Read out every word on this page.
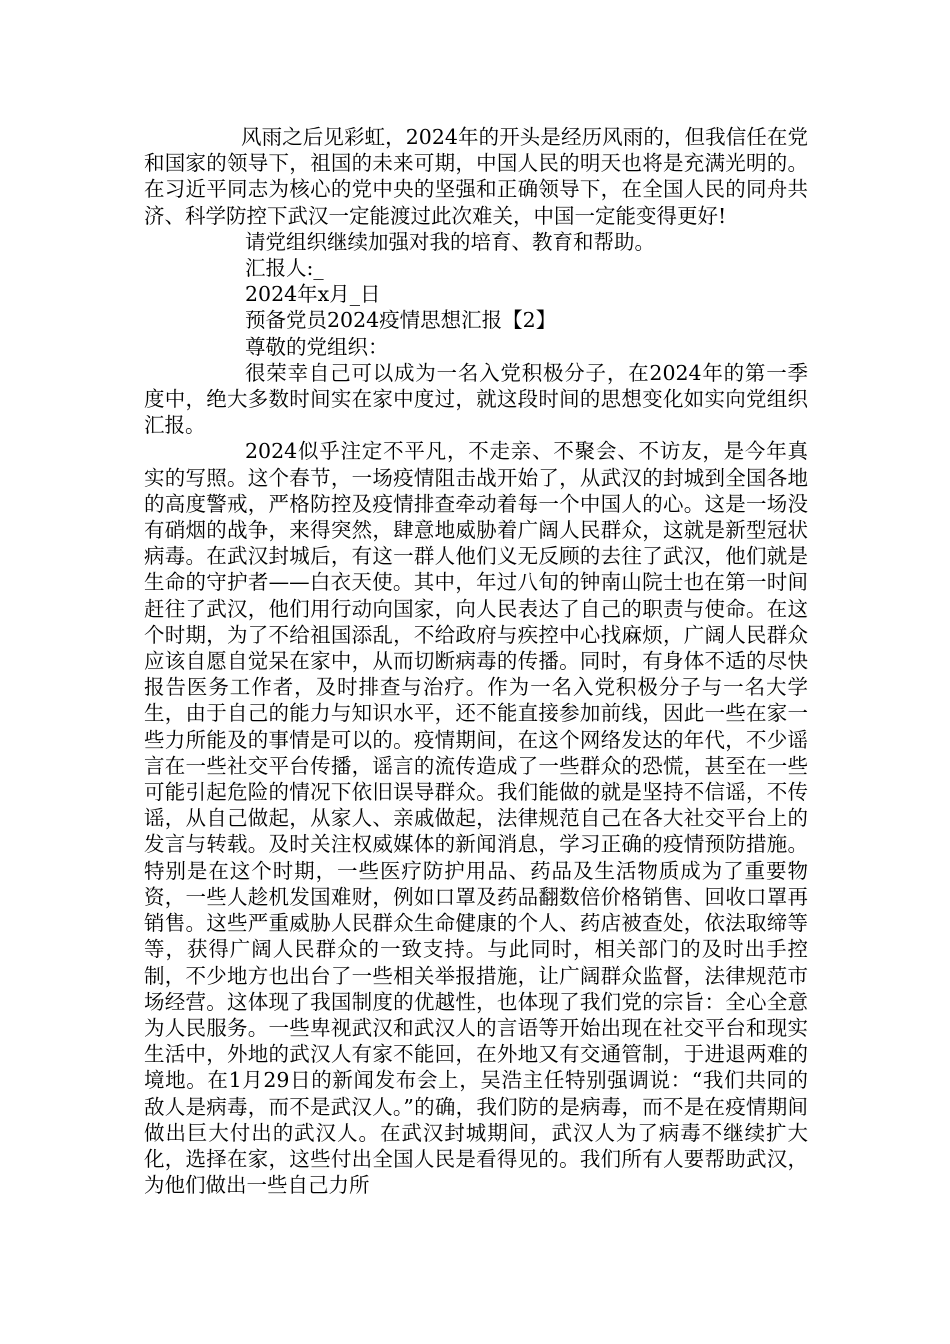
风雨之后见彩虹，2024年的开头是经历风雨的，但我信任在党和国家的领导下，祖国的未来可期，中国人民的明天也将是充满光明的。在习近平同志为核心的党中央的坚强和正确领导下，在全国人民的同舟共济、科学防控下武汉一定能渡过此次难关，中国一定能变得更好!

请党组织继续加强对我的培育、教育和帮助。

汇报人:_

2024年x月_日

预备党员2024疫情思想汇报【2】

尊敬的党组织：

很荣幸自己可以成为一名入党积极分子，在2024年的第一季度中，绝大多数时间实在家中度过，就这段时间的思想变化如实向党组织汇报。

2024似乎注定不平凡，不走亲、不聚会、不访友，是今年真实的写照。这个春节，一场疫情阻击战开始了，从武汉的封城到全国各地的高度警戒，严格防控及疫情排查牵动着每一个中国人的心。这是一场没有硝烟的战争，来得突然，肆意地威胁着广阔人民群众，这就是新型冠状病毒。在武汉封城后，有这一群人他们义无反顾的去往了武汉，他们就是生命的守护者——白衣天使。其中，年过八旬的钟南山院士也在第一时间赶往了武汉，他们用行动向国家，向人民表达了自己的职责与使命。在这个时期，为了不给祖国添乱，不给政府与疾控中心找麻烦，广阔人民群众应该自愿自觉呆在家中，从而切断病毒的传播。同时，有身体不适的尽快报告医务工作者，及时排查与治疗。作为一名入党积极分子与一名大学生，由于自己的能力与知识水平，还不能直接参加前线，因此一些在家一些力所能及的事情是可以的。疫情期间，在这个网络发达的年代，不少谣言在一些社交平台传播，谣言的流传造成了一些群众的恐慌，甚至在一些可能引起危险的情况下依旧误导群众。我们能做的就是坚持不信谣，不传谣，从自己做起，从家人、亲戚做起，法律规范自己在各大社交平台上的发言与转载。及时关注权威媒体的新闻消息，学习正确的疫情预防措施。特别是在这个时期，一些医疗防护用品、药品及生活物质成为了重要物资，一些人趁机发国难财，例如口罩及药品翻数倍价格销售、回收口罩再销售。这些严重威胁人民群众生命健康的个人、药店被查处，依法取缔等等，获得广阔人民群众的一致支持。与此同时，相关部门的及时出手控制，不少地方也出台了一些相关举报措施，让广阔群众监督，法律规范市场经营。这体现了我国制度的优越性，也体现了我们党的宗旨：全心全意为人民服务。一些卑视武汉和武汉人的言语等开始出现在社交平台和现实生活中，外地的武汉人有家不能回，在外地又有交通管制，于进退两难的境地。在1月29日的新闻发布会上，吴浩主任特别强调说：“我们共同的敌人是病毒，而不是武汉人。”的确，我们防的是病毒，而不是在疫情期间做出巨大付出的武汉人。在武汉封城期间，武汉人为了病毒不继续扩大化，选择在家，这些付出全国人民是看得见的。我们所有人要帮助武汉，为他们做出一些自己力所
